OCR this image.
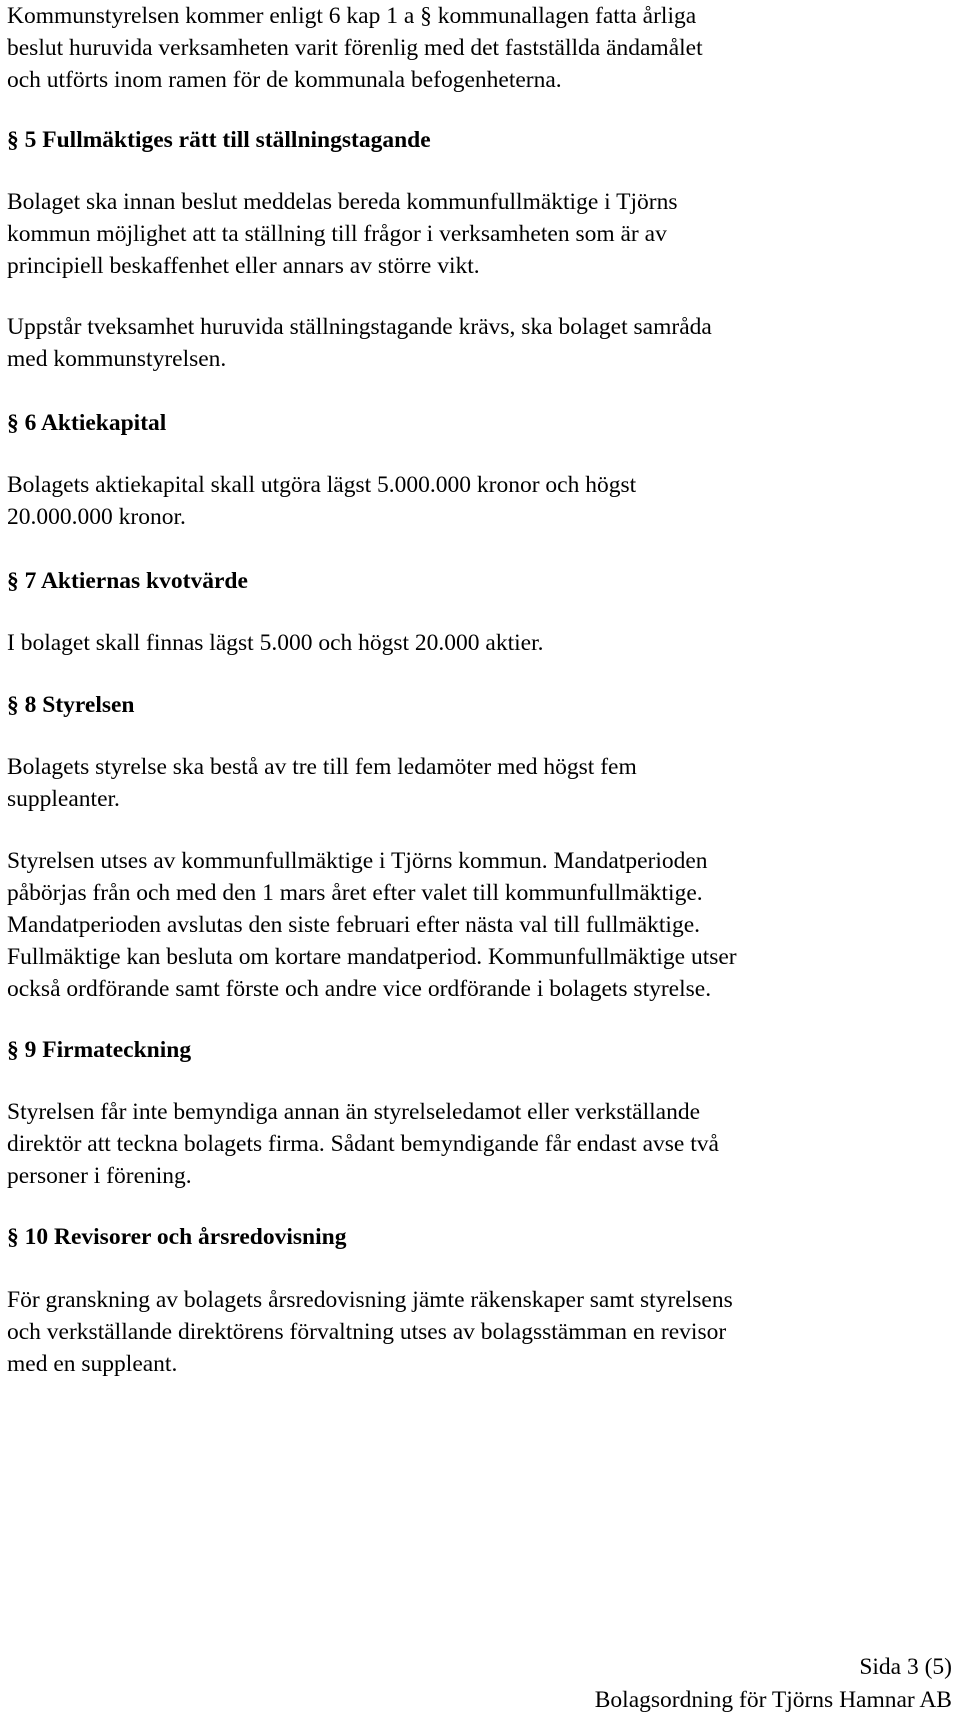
Kommunstyrelsen kommer enligt 6 kap 1 a § kommunallagen fatta årliga
beslut huruvida verksamheten varit förenlig med det fastställda ändamålet
och utförts inom ramen för de kommunala befogenheterna.
§ 5 Fullmäktiges rätt till ställningstagande
Bolaget ska innan beslut meddelas bereda kommunfullmäktige i Tjörns
kommun möjlighet att ta ställning till frågor i verksamheten som är av
principiell beskaffenhet eller annars av större vikt.
Uppstår tveksamhet huruvida ställningstagande krävs, ska bolaget samråda
med kommunstyrelsen.
§ 6 Aktiekapital
Bolagets aktiekapital skall utgöra lägst 5.000.000 kronor och högst
20.000.000 kronor.
§ 7 Aktiernas kvotvärde
I bolaget skall finnas lägst 5.000 och högst 20.000 aktier.
§ 8 Styrelsen
Bolagets styrelse ska bestå av tre till fem ledamöter med högst fem
suppleanter.
Styrelsen utses av kommunfullmäktige i Tjörns kommun. Mandatperioden
påbörjas från och med den 1 mars året efter valet till kommunfullmäktige.
Mandatperioden avslutas den siste februari efter nästa val till fullmäktige.
Fullmäktige kan besluta om kortare mandatperiod. Kommunfullmäktige utser
också ordförande samt förste och andre vice ordförande i bolagets styrelse.
§ 9 Firmateckning
Styrelsen får inte bemyndiga annan än styrelseledamot eller verkställande
direktör att teckna bolagets firma. Sådant bemyndigande får endast avse två
personer i förening.
§ 10 Revisorer och årsredovisning
För granskning av bolagets årsredovisning jämte räkenskaper samt styrelsens
och verkställande direktörens förvaltning utses av bolagsstämman en revisor
med en suppleant.
Sida 3 (5)
Bolagsordning för Tjörns Hamnar AB
